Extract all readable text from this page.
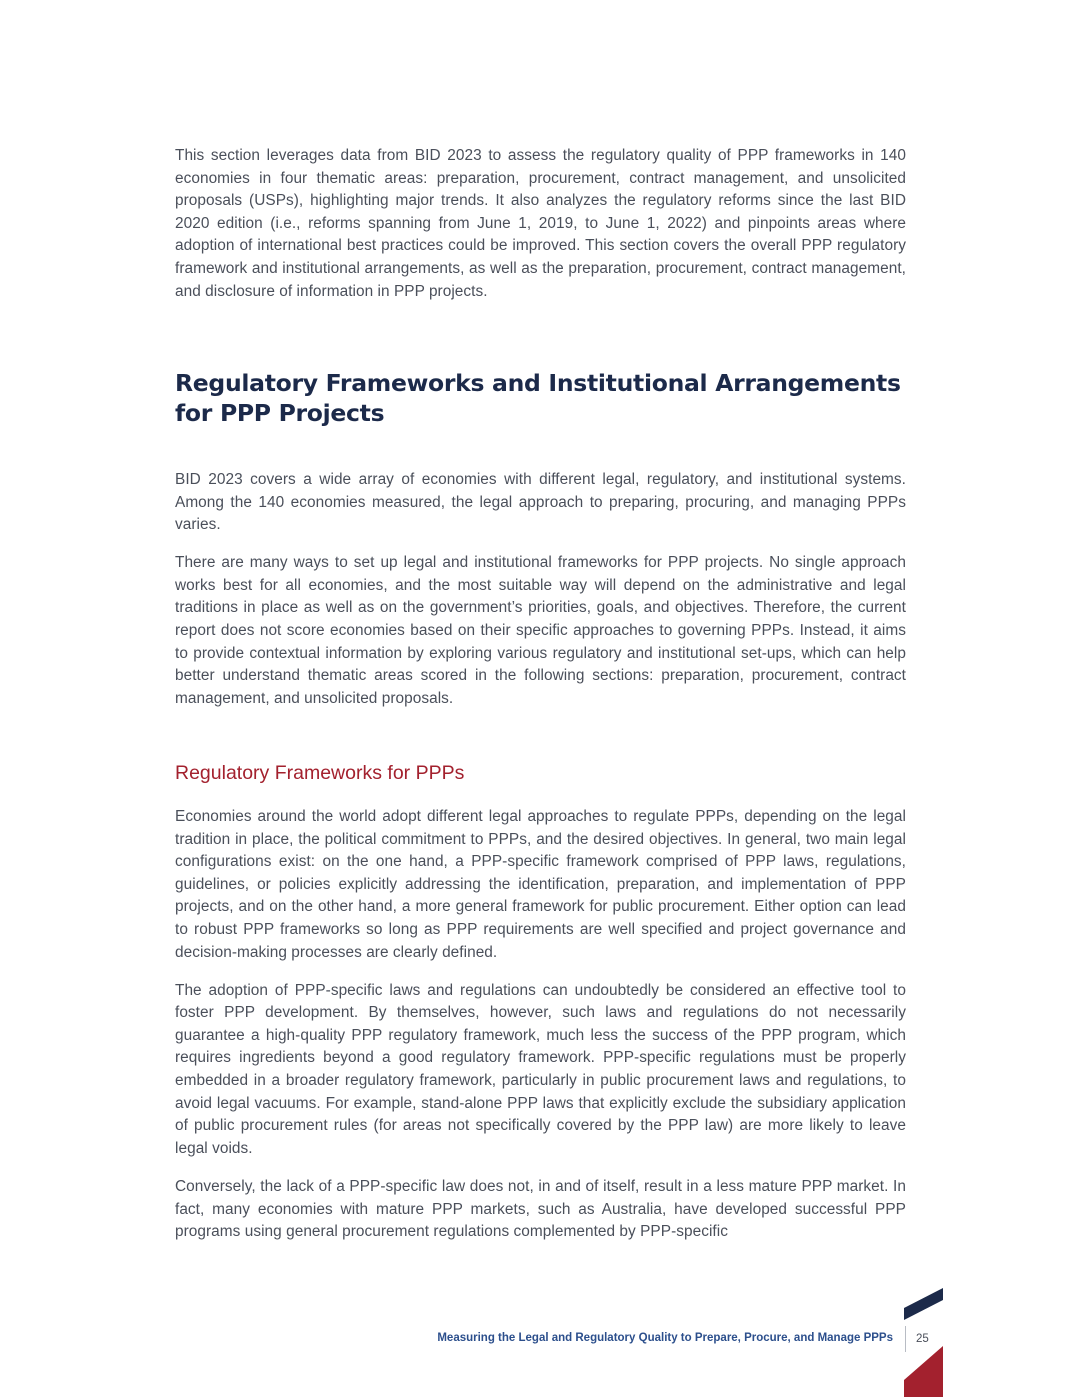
This section leverages data from BID 2023 to assess the regulatory quality of PPP frameworks in 140 economies in four thematic areas: preparation, procurement, contract management, and unsolicited proposals (USPs), highlighting major trends. It also analyzes the regulatory reforms since the last BID 2020 edition (i.e., reforms spanning from June 1, 2019, to June 1, 2022) and pinpoints areas where adoption of international best practices could be improved. This section covers the overall PPP regulatory framework and institutional arrangements, as well as the preparation, procurement, contract management, and disclosure of information in PPP projects.

Regulatory Frameworks and Institutional Arrangements for PPP Projects

BID 2023 covers a wide array of economies with different legal, regulatory, and institutional systems. Among the 140 economies measured, the legal approach to preparing, procuring, and managing PPPs varies.

There are many ways to set up legal and institutional frameworks for PPP projects. No single approach works best for all economies, and the most suitable way will depend on the administrative and legal traditions in place as well as on the government’s priorities, goals, and objectives. Therefore, the current report does not score economies based on their specific approaches to governing PPPs. Instead, it aims to provide contextual information by exploring various regulatory and institutional set-ups, which can help better understand thematic areas scored in the following sections: preparation, procurement, contract management, and unsolicited proposals.

Regulatory Frameworks for PPPs

Economies around the world adopt different legal approaches to regulate PPPs, depending on the legal tradition in place, the political commitment to PPPs, and the desired objectives. In general, two main legal configurations exist: on the one hand, a PPP-specific framework comprised of PPP laws, regulations, guidelines, or policies explicitly addressing the identification, preparation, and implementation of PPP projects, and on the other hand, a more general framework for public procurement. Either option can lead to robust PPP frameworks so long as PPP requirements are well specified and project governance and decision-making processes are clearly defined.

The adoption of PPP-specific laws and regulations can undoubtedly be considered an effective tool to foster PPP development. By themselves, however, such laws and regulations do not necessarily guarantee a high-quality PPP regulatory framework, much less the success of the PPP program, which requires ingredients beyond a good regulatory framework. PPP-specific regulations must be properly embedded in a broader regulatory framework, particularly in public procurement laws and regulations, to avoid legal vacuums. For example, stand-alone PPP laws that explicitly exclude the subsidiary application of public procurement rules (for areas not specifically covered by the PPP law) are more likely to leave legal voids.

Conversely, the lack of a PPP-specific law does not, in and of itself, result in a less mature PPP market. In fact, many economies with mature PPP markets, such as Australia, have developed successful PPP programs using general procurement regulations complemented by PPP-specific

Measuring the Legal and Regulatory Quality to Prepare, Procure, and Manage PPPs 25
